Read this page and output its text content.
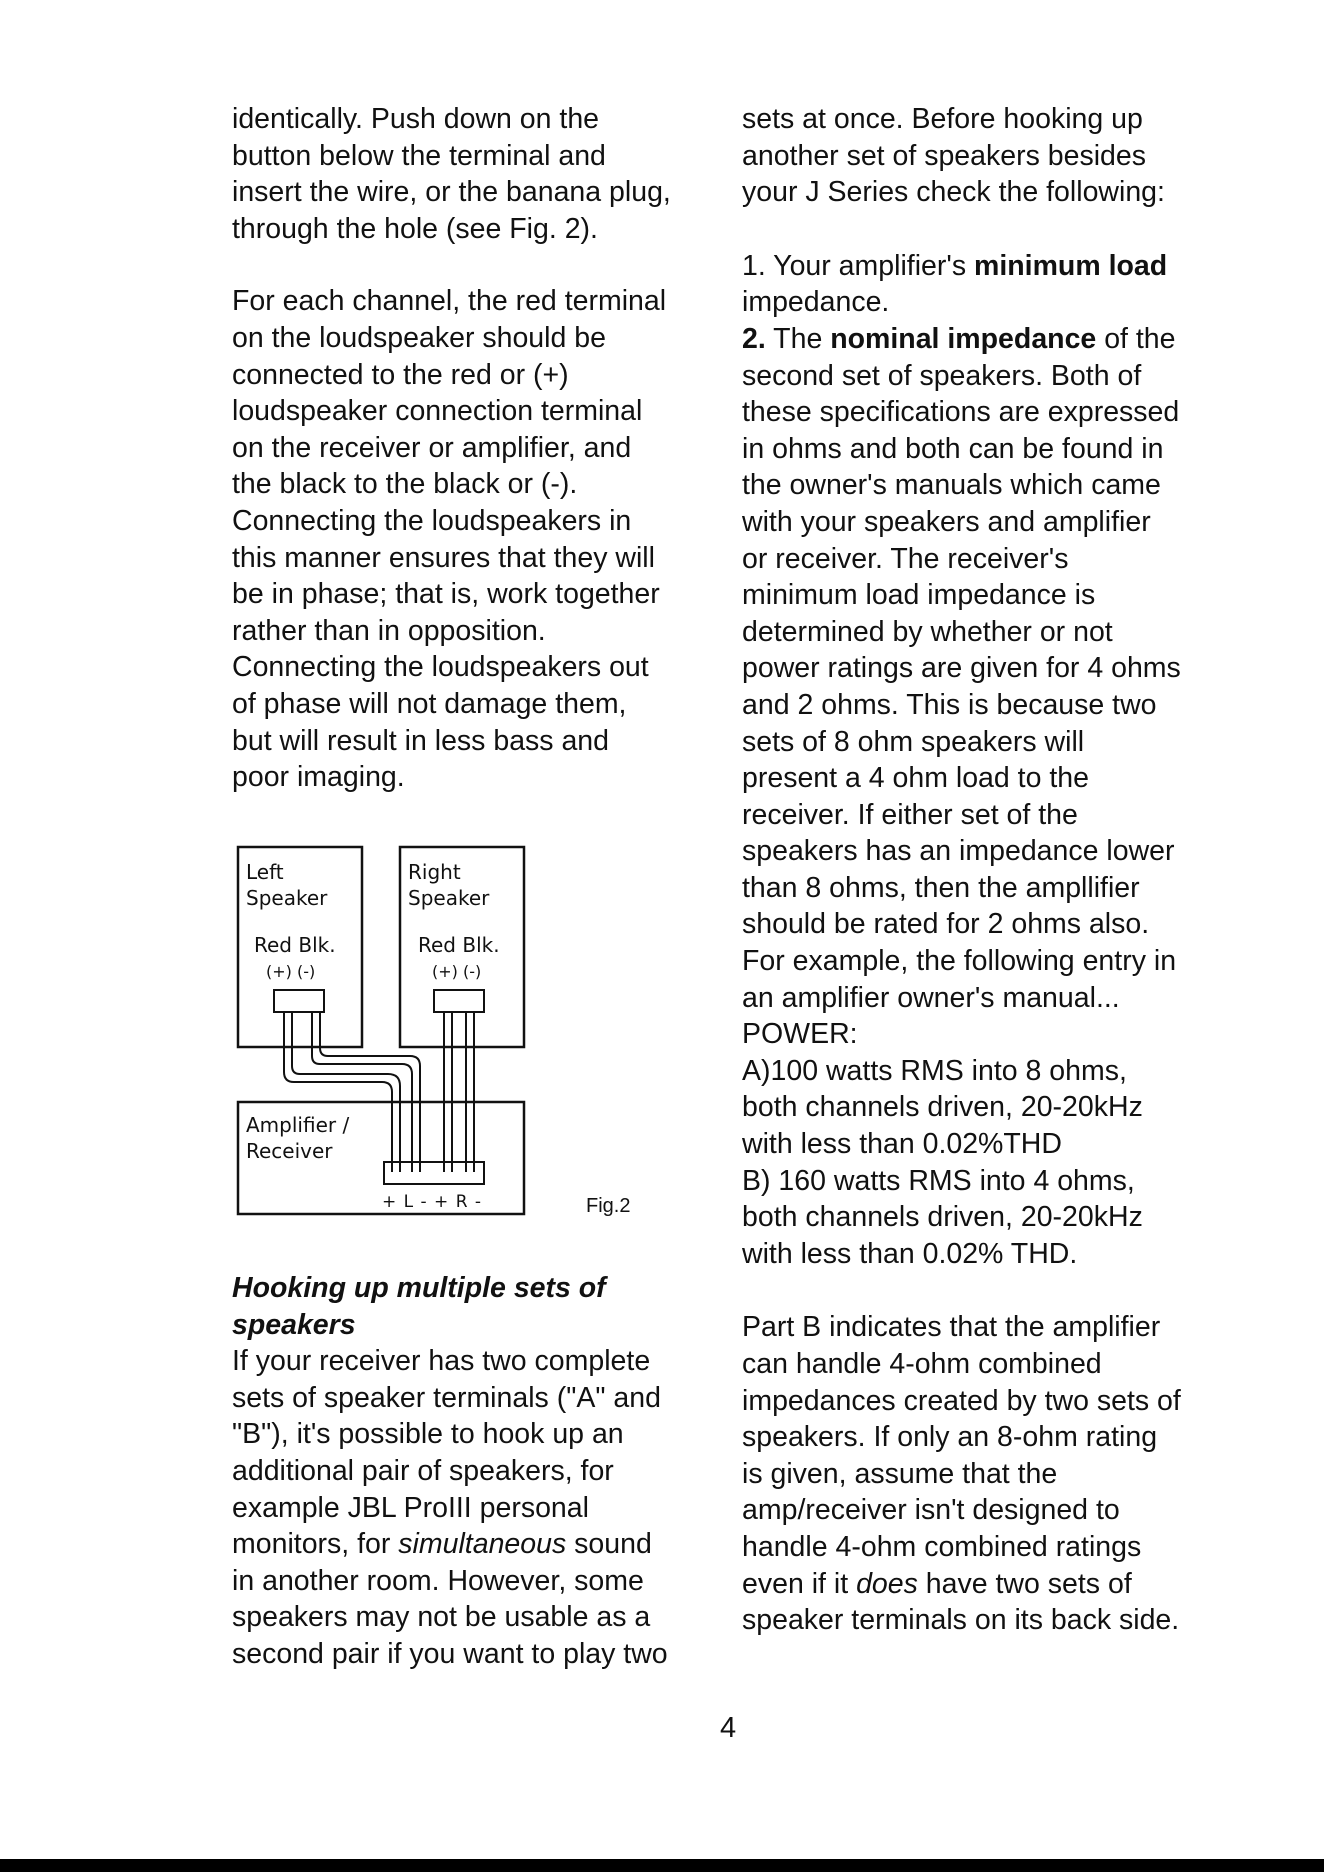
identically. Push down on the
button below the terminal and
insert the wire, or the banana plug,
through the hole (see Fig. 2).

For each channel, the red terminal
on the loudspeaker should be
connected to the red or (+)
loudspeaker connection terminal
on the receiver or amplifier, and
the black to the black or (-).
Connecting the loudspeakers in
this manner ensures that they will
be in phase; that is, work together
rather than in opposition.
Connecting the loudspeakers out
of phase will not damage them,
but will result in less bass and
poor imaging.

Hooking up multiple sets of
speakers

If your receiver has two complete
sets of speaker terminals ("A" and
"B"), it's possible to hook up an
additional pair of speakers, for
example JBL ProIII personal
monitors, for simultaneous sound
in another room. However, some
speakers may not be usable as a
second pair if you want to play two

Left
Speaker
Red Blk.
(+) (-)
Right
Speaker
Red Blk.
(+) (-)
Amplifier /
Receiver
+ L - + R -	Fig.2

sets at once. Before hooking up
another set of speakers besides
your J Series check the following:

1. Your amplifier's minimum load
impedance.

2. The nominal impedance of the
second set of speakers. Both of
these specifications are expressed
in ohms and both can be found in
the owner's manuals which came
with your speakers and amplifier
or receiver. The receiver's
minimum load impedance is
determined by whether or not
power ratings are given for 4 ohms
and 2 ohms. This is because two
sets of 8 ohm speakers will
present a 4 ohm load to the
receiver. If either set of the
speakers has an impedance lower
than 8 ohms, then the ampllifier
should be rated for 2 ohms also.
For example, the following entry in
an amplifier owner's manual...
POWER:
A)100 watts RMS into 8 ohms,
both channels driven, 20-20kHz
with less than 0.02%THD
B) 160 watts RMS into 4 ohms,
both channels driven, 20-20kHz
with less than 0.02% THD.

Part B indicates that the amplifier
can handle 4-ohm combined
impedances created by two sets of
speakers. If only an 8-ohm rating
is given, assume that the
amp/receiver isn't designed to
handle 4-ohm combined ratings
even if it does have two sets of
speaker terminals on its back side.

4
